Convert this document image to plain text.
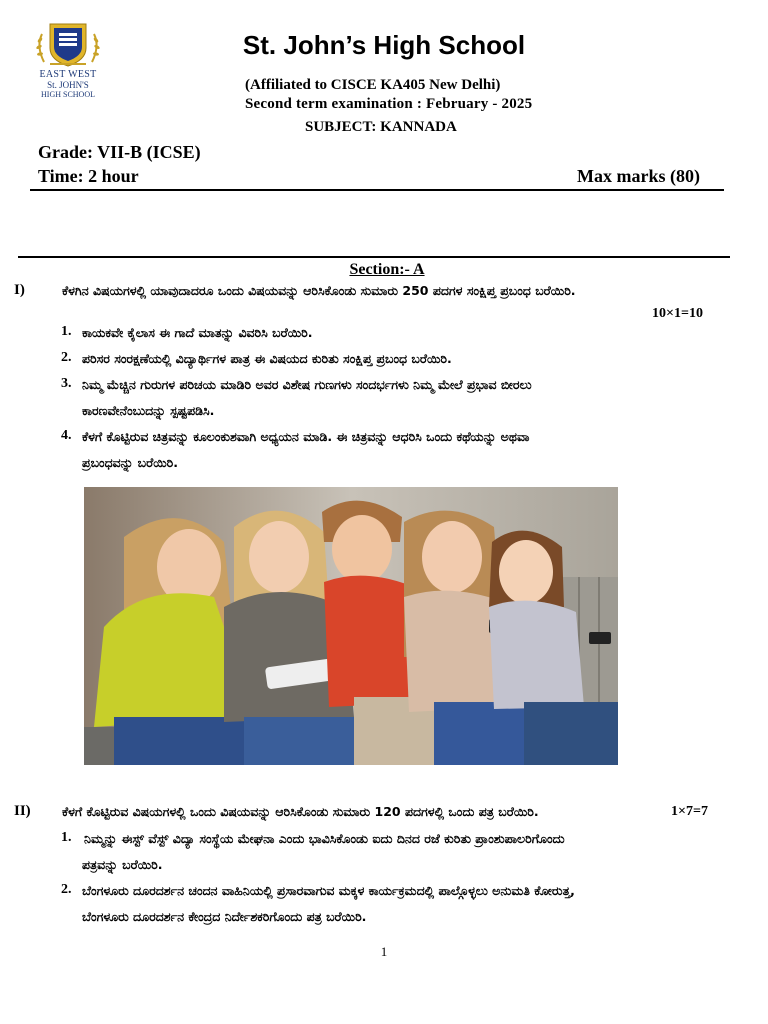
EAST WEST
St. JOHN'S
HIGH SCHOOL
St. John’s High School
(Affiliated to CISCE KA405 New Delhi)
Second term examination : February - 2025
SUBJECT: KANNADA
Grade: VII-B (ICSE)
Time: 2 hour	Max marks (80)
Section:- A
I)	ಕೆಳಗಿನ ವಿಷಯಗಳಲ್ಲಿ ಯಾವುದಾದರೂ ಒಂದು ವಿಷಯವನ್ನು ಆರಿಸಿಕೊಂಡು ಸುಮಾರು 250 ಪದಗಳ ಸಂಕ್ಷಿಪ್ತ ಪ್ರಬಂಧ ಬರೆಯಿರಿ.
10×1=10
1. ಕಾಯಕವೇ ಕೈಲಾಸ ಈ ಗಾದೆ ಮಾತನ್ನು ವಿವರಿಸಿ ಬರೆಯಿರಿ.
2. ಪರಿಸರ ಸಂರಕ್ಷಣೆಯಲ್ಲಿ ವಿದ್ಯಾರ್ಥಿಗಳ ಪಾತ್ರ ಈ ವಿಷಯದ ಕುರಿತು ಸಂಕ್ಷಿಪ್ತ ಪ್ರಬಂಧ ಬರೆಯಿರಿ.
3. ನಿಮ್ಮ ಮೆಚ್ಚಿನ ಗುರುಗಳ ಪರಿಚಯ ಮಾಡಿರಿ ಅವರ ವಿಶೇಷ ಗುಣಗಳು ಸಂದರ್ಭಗಳು ನಿಮ್ಮ ಮೇಲೆ ಪ್ರಭಾವ ಬೀರಲು
ಕಾರಣವೇನೆಂಬುದನ್ನು ಸ್ಪಷ್ಟಪಡಿಸಿ.
4. ಕೆಳಗೆ ಕೊಟ್ಟಿರುವ ಚಿತ್ರವನ್ನು ಕೂಲಂಕುಶವಾಗಿ ಅಧ್ಯಯನ ಮಾಡಿ. ಈ ಚಿತ್ರವನ್ನು ಆಧರಿಸಿ ಒಂದು ಕಥೆಯನ್ನು ಅಥವಾ
ಪ್ರಬಂಧವನ್ನು ಬರೆಯಿರಿ.
II)	ಕೆಳಗೆ ಕೊಟ್ಟಿರುವ ವಿಷಯಗಳಲ್ಲಿ ಒಂದು ವಿಷಯವನ್ನು ಆರಿಸಿಕೊಂಡು ಸುಮಾರು 120 ಪದಗಳಲ್ಲಿ ಒಂದು ಪತ್ರ ಬರೆಯಿರಿ.	1×7=7
1. ನಿಮ್ಮನ್ನು ಈಸ್ಟ್ ವೆಸ್ಟ್ ವಿದ್ಯಾ ಸಂಸ್ಥೆಯ ಮೇಘನಾ ಎಂದು ಭಾವಿಸಿಕೊಂಡು ಐದು ದಿನದ ರಜೆ ಕುರಿತು ಪ್ರಾಂಶುಪಾಲರಿಗೊಂದು
ಪತ್ರವನ್ನು ಬರೆಯಿರಿ.
2. ಬೆಂಗಳೂರು ದೂರದರ್ಶನ ಚಂದನ ವಾಹಿನಿಯಲ್ಲಿ ಪ್ರಸಾರವಾಗುವ ಮಕ್ಕಳ ಕಾರ್ಯಕ್ರಮದಲ್ಲಿ ಪಾಲ್ಗೊಳ್ಳಲು ಅನುಮತಿ ಕೋರುತ್ತ,
ಬೆಂಗಳೂರು ದೂರದರ್ಶನ ಕೇಂದ್ರದ ನಿರ್ದೇಶಕರಿಗೊಂದು ಪತ್ರ ಬರೆಯಿರಿ.
1
